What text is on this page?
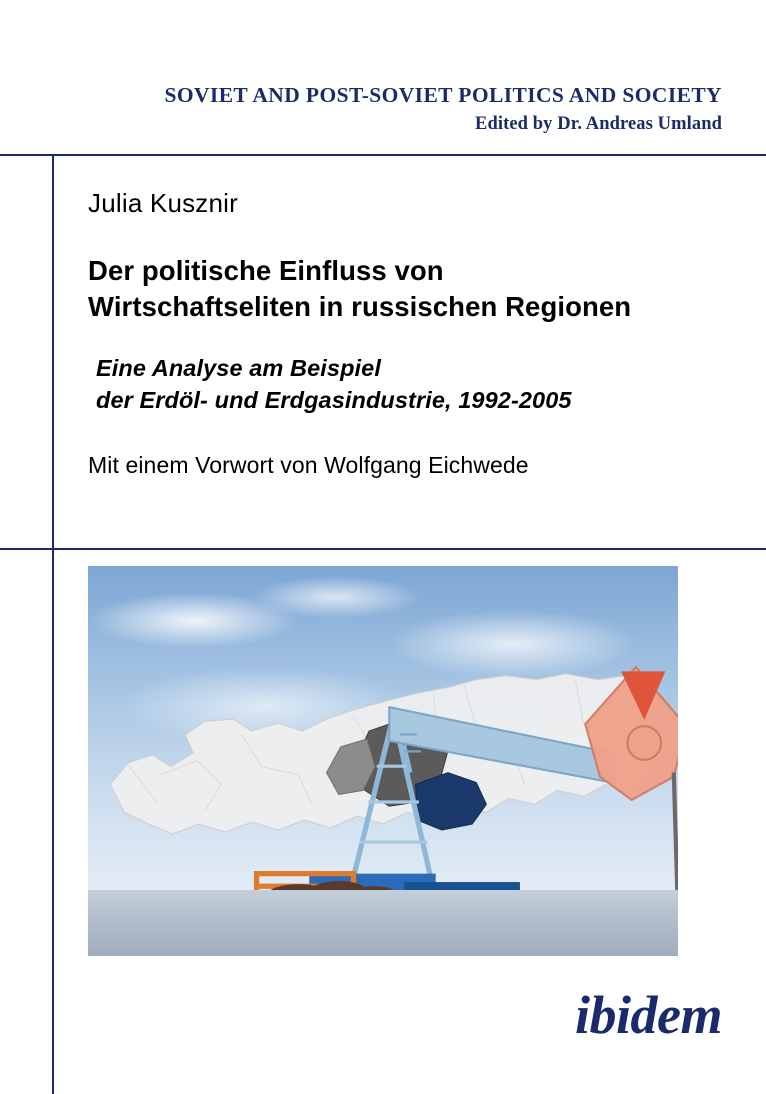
SOVIET AND POST-SOVIET POLITICS AND SOCIETY
Edited by Dr. Andreas Umland
Julia Kusznir
Der politische Einfluss von
Wirtschaftseliten in russischen Regionen
Eine Analyse am Beispiel
der Erdöl- und Erdgasindustrie, 1992-2005
Mit einem Vorwort von Wolfgang Eichwede
ibidem
